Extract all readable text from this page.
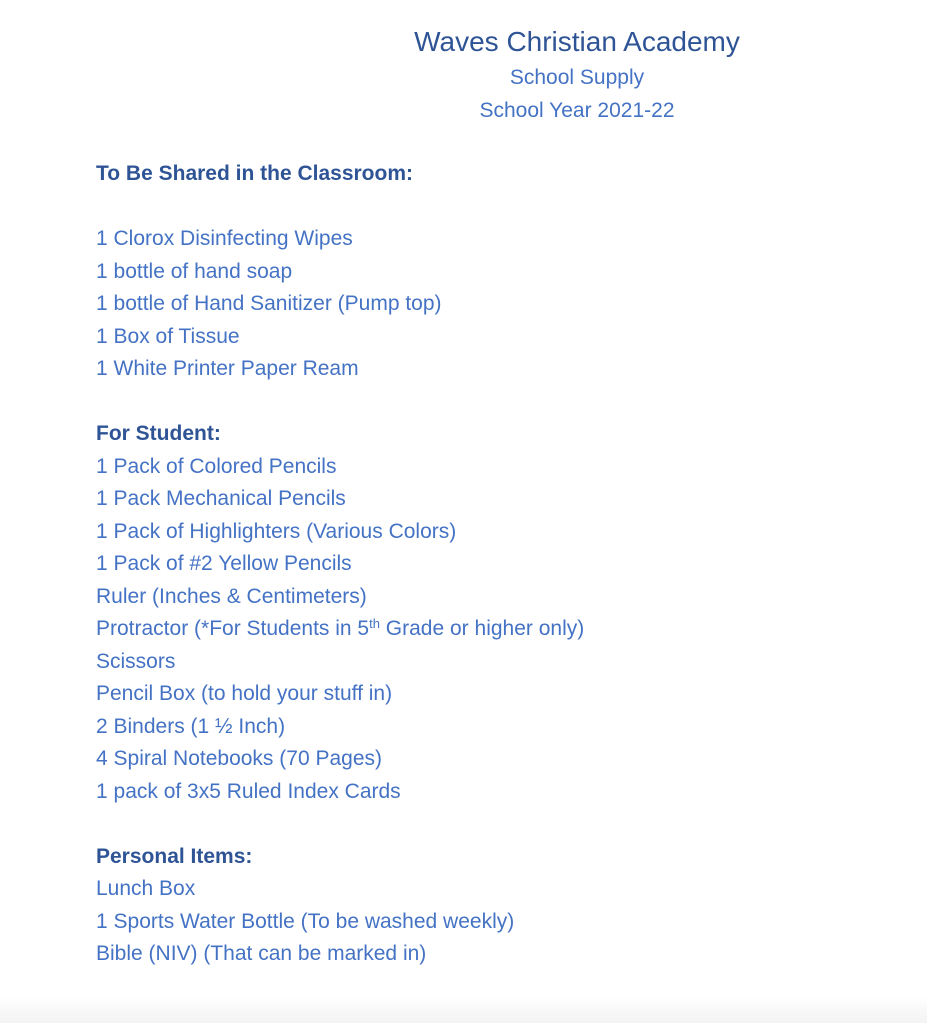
Waves Christian Academy
School Supply
School Year 2021-22
To Be Shared in the Classroom:
1 Clorox Disinfecting Wipes
1 bottle of hand soap
1 bottle of Hand Sanitizer (Pump top)
1 Box of Tissue
1 White Printer Paper Ream
For Student:
1 Pack of Colored Pencils
1 Pack Mechanical Pencils
1 Pack of Highlighters (Various Colors)
1 Pack of #2 Yellow Pencils
Ruler (Inches & Centimeters)
Protractor (*For Students in 5th Grade or higher only)
Scissors
Pencil Box (to hold your stuff in)
2 Binders (1 ½ Inch)
4 Spiral Notebooks (70 Pages)
1 pack of 3x5 Ruled Index Cards
Personal Items:
Lunch Box
1 Sports Water Bottle (To be washed weekly)
Bible (NIV) (That can be marked in)
